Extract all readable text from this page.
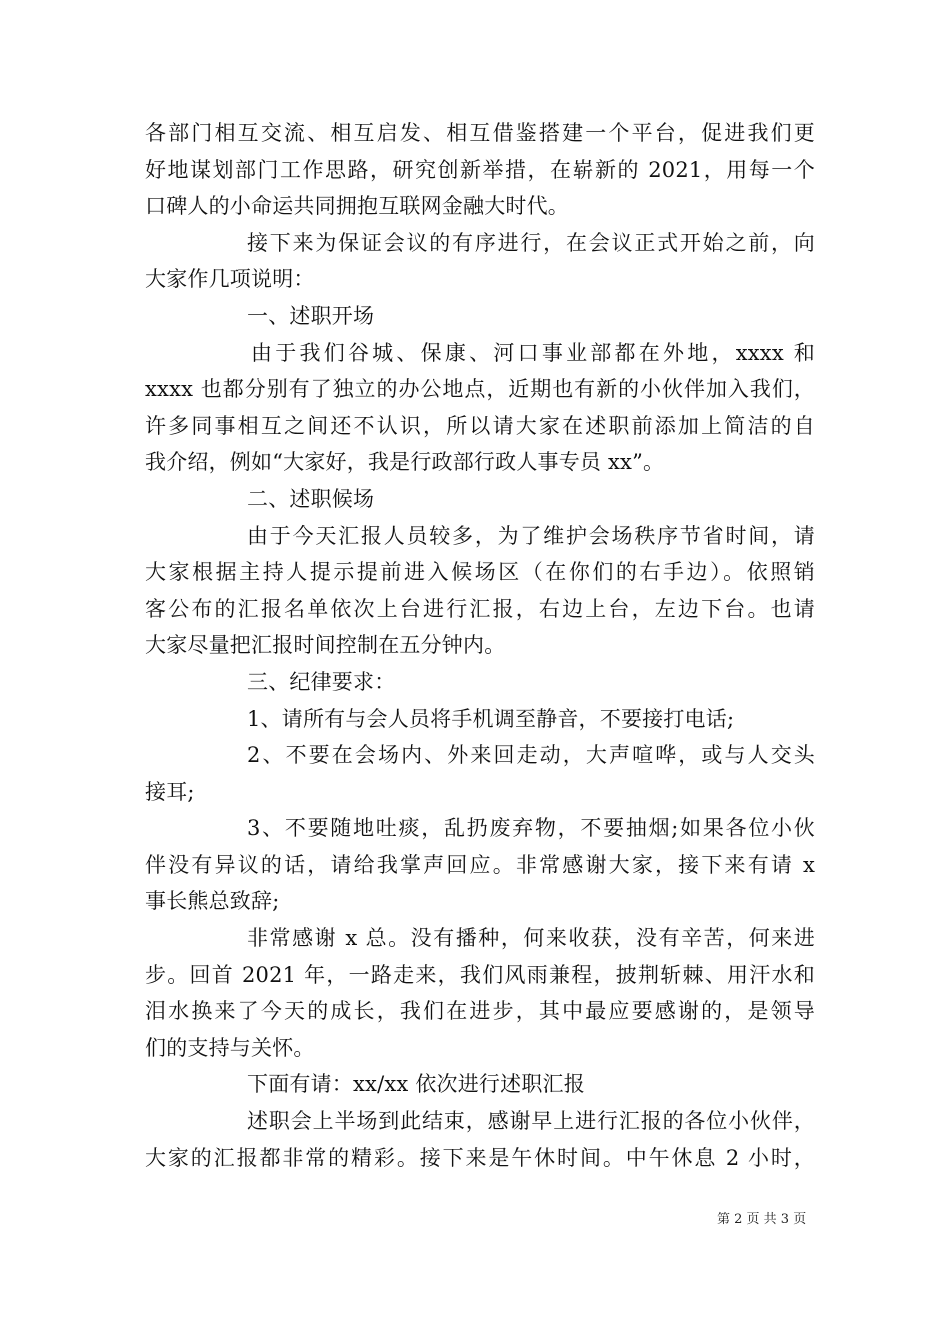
各部门相互交流、相互启发、相互借鉴搭建一个平台，促进我们更
好地谋划部门工作思路，研究创新举措，在崭新的 2021，用每一个
口碑人的小命运共同拥抱互联网金融大时代。
接下来为保证会议的有序进行，在会议正式开始之前，向
大家作几项说明：
一、述职开场
由于我们谷城、保康、河口事业部都在外地，xxxx 和
xxxx 也都分别有了独立的办公地点，近期也有新的小伙伴加入我们，
许多同事相互之间还不认识，所以请大家在述职前添加上简洁的自
我介绍，例如“大家好，我是行政部行政人事专员 xx”。
二、述职候场
由于今天汇报人员较多，为了维护会场秩序节省时间，请
大家根据主持人提示提前进入候场区（在你们的右手边）。依照销
客公布的汇报名单依次上台进行汇报，右边上台，左边下台。也请
大家尽量把汇报时间控制在五分钟内。
三、纪律要求：
1、请所有与会人员将手机调至静音，不要接打电话;
2、不要在会场内、外来回走动，大声喧哗，或与人交头
接耳;
3、不要随地吐痰，乱扔废弃物，不要抽烟;如果各位小伙
伴没有异议的话，请给我掌声回应。非常感谢大家，接下来有请 x
事长熊总致辞;
非常感谢 x 总。没有播种，何来收获，没有辛苦，何来进
步。回首 2021 年，一路走来，我们风雨兼程，披荆斩棘、用汗水和
泪水换来了今天的成长，我们在进步，其中最应要感谢的，是领导
们的支持与关怀。
下面有请：xx/xx 依次进行述职汇报
述职会上半场到此结束，感谢早上进行汇报的各位小伙伴，
大家的汇报都非常的精彩。接下来是午休时间。中午休息 2 小时，
第 2 页 共 3 页
